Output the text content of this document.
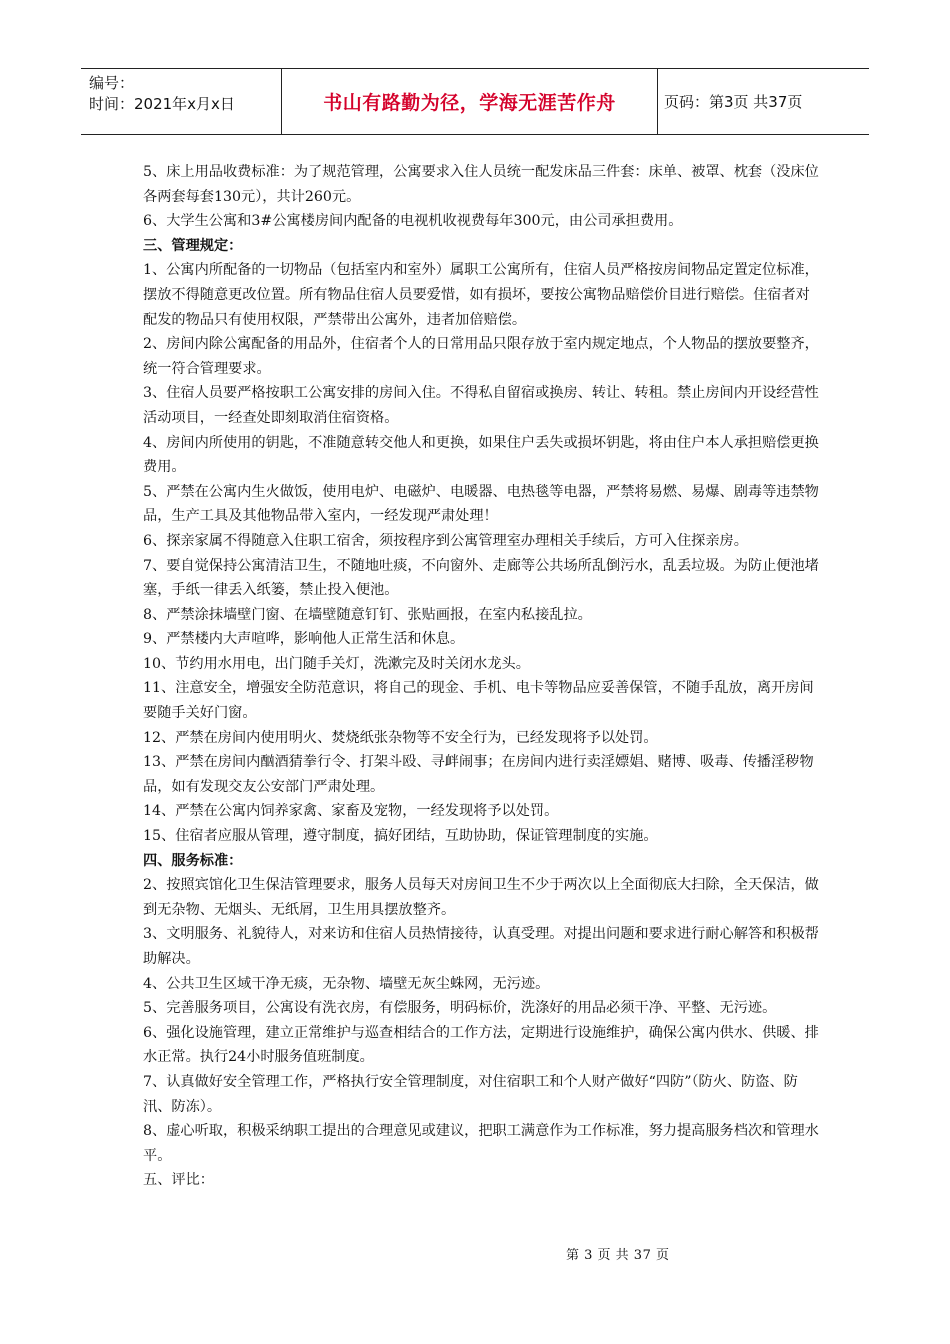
编号：
时间：2021年x月x日	书山有路勤为径，学海无涯苦作舟	页码：第3页 共37页

5、床上用品收费标准：为了规范管理，公寓要求入住人员统一配发床品三件套：床单、被罩、枕套（没床位各两套每套130元），共计260元。

6、大学生公寓和3#公寓楼房间内配备的电视机收视费每年300元，由公司承担费用。

三、管理规定：

1、公寓内所配备的一切物品（包括室内和室外）属职工公寓所有，住宿人员严格按房间物品定置定位标准，摆放不得随意更改位置。所有物品住宿人员要爱惜，如有损坏，要按公寓物品赔偿价目进行赔偿。住宿者对配发的物品只有使用权限，严禁带出公寓外，违者加倍赔偿。

2、房间内除公寓配备的用品外，住宿者个人的日常用品只限存放于室内规定地点，个人物品的摆放要整齐，统一符合管理要求。

3、住宿人员要严格按职工公寓安排的房间入住。不得私自留宿或换房、转让、转租。禁止房间内开设经营性活动项目，一经查处即刻取消住宿资格。

4、房间内所使用的钥匙，不准随意转交他人和更换，如果住户丢失或损坏钥匙，将由住户本人承担赔偿更换费用。

5、严禁在公寓内生火做饭，使用电炉、电磁炉、电暖器、电热毯等电器，严禁将易燃、易爆、剧毒等违禁物品，生产工具及其他物品带入室内，一经发现严肃处理！

6、探亲家属不得随意入住职工宿舍，须按程序到公寓管理室办理相关手续后，方可入住探亲房。

7、要自觉保持公寓清洁卫生，不随地吐痰，不向窗外、走廊等公共场所乱倒污水，乱丢垃圾。为防止便池堵塞，手纸一律丢入纸篓，禁止投入便池。

8、严禁涂抹墙壁门窗、在墙壁随意钉钉、张贴画报，在室内私接乱拉。

9、严禁楼内大声喧哗，影响他人正常生活和休息。

10、节约用水用电，出门随手关灯，洗漱完及时关闭水龙头。

11、注意安全，增强安全防范意识，将自己的现金、手机、电卡等物品应妥善保管，不随手乱放，离开房间要随手关好门窗。

12、严禁在房间内使用明火、焚烧纸张杂物等不安全行为，已经发现将予以处罚。

13、严禁在房间内酗酒猜拳行令、打架斗殴、寻衅闹事；在房间内进行卖淫嫖娼、赌博、吸毒、传播淫秽物品，如有发现交友公安部门严肃处理。

14、严禁在公寓内饲养家禽、家畜及宠物，一经发现将予以处罚。

15、住宿者应服从管理，遵守制度，搞好团结，互助协助，保证管理制度的实施。

四、服务标准：

2、按照宾馆化卫生保洁管理要求，服务人员每天对房间卫生不少于两次以上全面彻底大扫除，全天保洁，做到无杂物、无烟头、无纸屑，卫生用具摆放整齐。

3、文明服务、礼貌待人，对来访和住宿人员热情接待，认真受理。对提出问题和要求进行耐心解答和积极帮助解决。

4、公共卫生区域干净无痰，无杂物、墙壁无灰尘蛛网，无污迹。

5、完善服务项目，公寓设有洗衣房，有偿服务，明码标价，洗涤好的用品必须干净、平整、无污迹。

6、强化设施管理，建立正常维护与巡查相结合的工作方法，定期进行设施维护，确保公寓内供水、供暖、排水正常。执行24小时服务值班制度。

7、认真做好安全管理工作，严格执行安全管理制度，对住宿职工和个人财产做好“四防”（防火、防盗、防汛、防冻）。

8、虚心听取，积极采纳职工提出的合理意见或建议，把职工满意作为工作标准，努力提高服务档次和管理水平。

五、评比：

第 3 页 共 37 页
